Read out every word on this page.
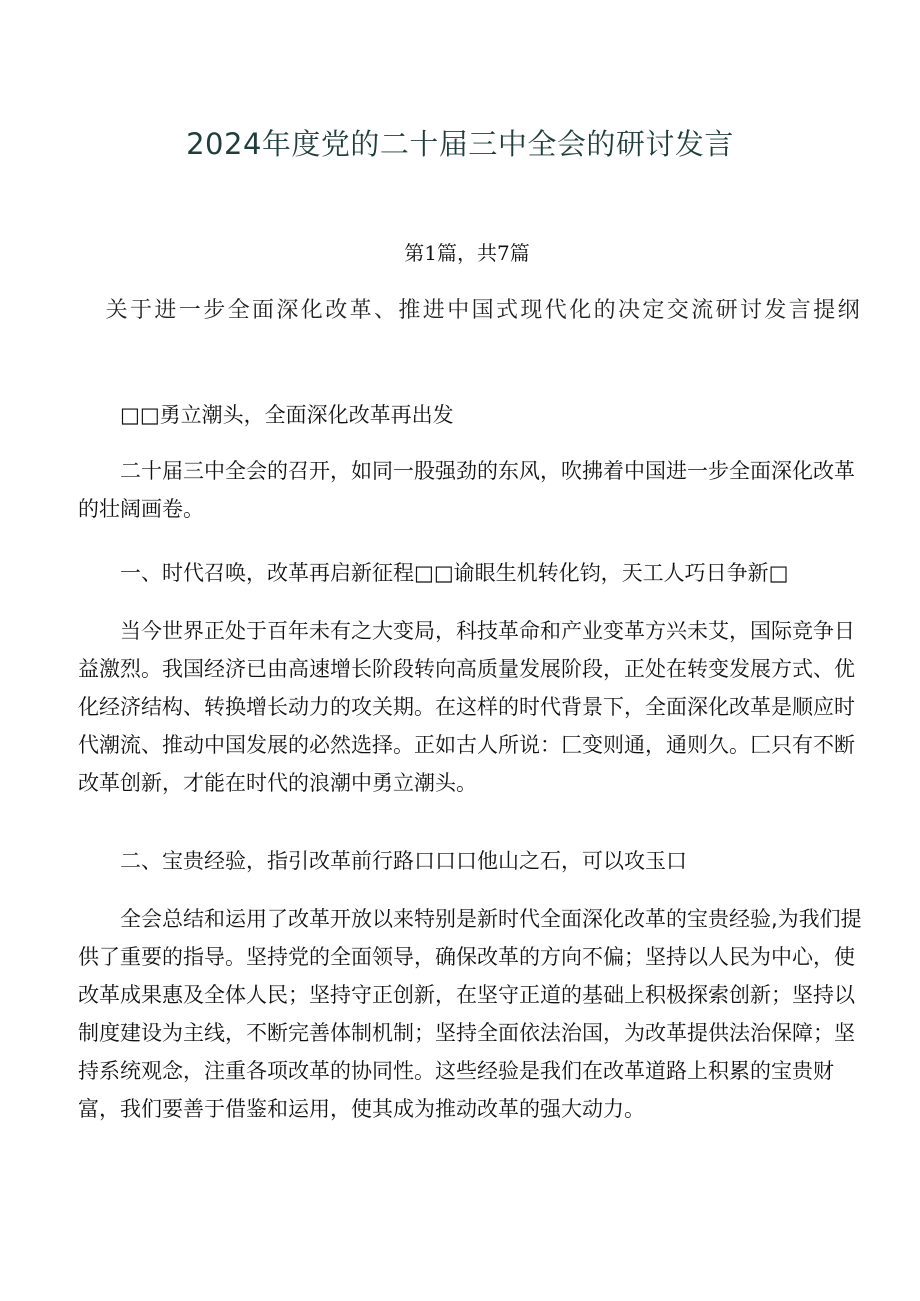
2024年度党的二十届三中全会的研讨发言
第1篇，共7篇

关于进一步全面深化改革、推进中国式现代化的决定交流研讨发言提纲

□□勇立潮头，全面深化改革再出发

二十届三中全会的召开，如同一股强劲的东风，吹拂着中国进一步全面深化改革的壮阔画卷。

一、时代召唤，改革再启新征程□□谕眼生机转化钧，天工人巧日争新□

当今世界正处于百年未有之大变局，科技革命和产业变革方兴未艾，国际竞争日益激烈。我国经济已由高速增长阶段转向高质量发展阶段，正处在转变发展方式、优化经济结构、转换增长动力的攻关期。在这样的时代背景下，全面深化改革是顺应时代潮流、推动中国发展的必然选择。正如古人所说：匚变则通，通则久。匚只有不断改革创新，才能在时代的浪潮中勇立潮头。

二、宝贵经验，指引改革前行路口口口他山之石，可以攻玉口

全会总结和运用了改革开放以来特别是新时代全面深化改革的宝贵经验,为我们提供了重要的指导。坚持党的全面领导，确保改革的方向不偏；坚持以人民为中心，使改革成果惠及全体人民；坚持守正创新，在坚守正道的基础上积极探索创新；坚持以制度建设为主线，不断完善体制机制；坚持全面依法治国，为改革提供法治保障；坚持系统观念，注重各项改革的协同性。这些经验是我们在改革道路上积累的宝贵财富，我们要善于借鉴和运用，使其成为推动改革的强大动力。
